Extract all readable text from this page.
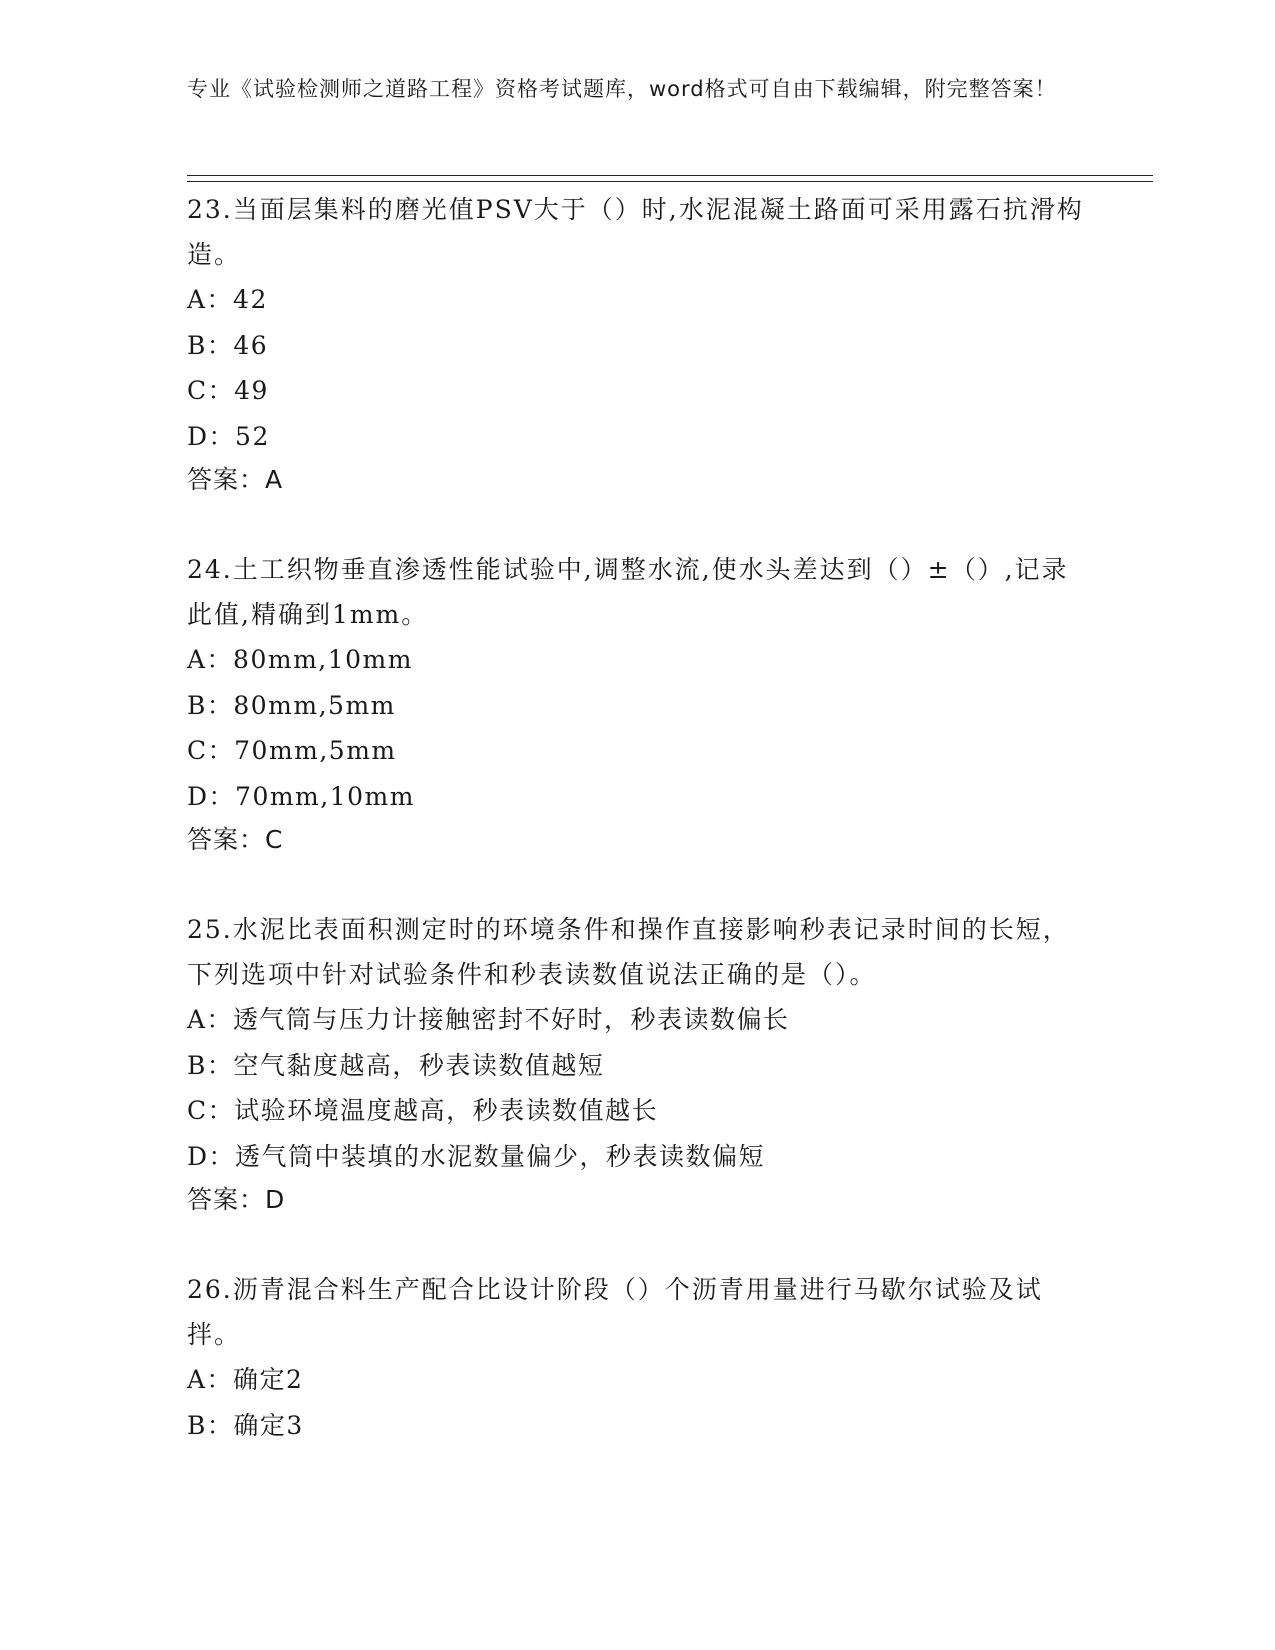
专业《试验检测师之道路工程》资格考试题库，word格式可自由下载编辑，附完整答案！

23.当面层集料的磨光值PSV大于（）时,水泥混凝土路面可采用露石抗滑构造。

A：42

B：46

C：49

D：52

答案：A

24.土工织物垂直渗透性能试验中,调整水流,使水头差达到（）±（）,记录此值,精确到1mm。

A：80mm,10mm

B：80mm,5mm

C：70mm,5mm

D：70mm,10mm

答案：C

25.水泥比表面积测定时的环境条件和操作直接影响秒表记录时间的长短，下列选项中针对试验条件和秒表读数值说法正确的是（）。

A：透气筒与压力计接触密封不好时，秒表读数偏长

B：空气黏度越高，秒表读数值越短

C：试验环境温度越高，秒表读数值越长

D：透气筒中装填的水泥数量偏少，秒表读数偏短

答案：D

26.沥青混合料生产配合比设计阶段（）个沥青用量进行马歇尔试验及试拌。

A：确定2

B：确定3
